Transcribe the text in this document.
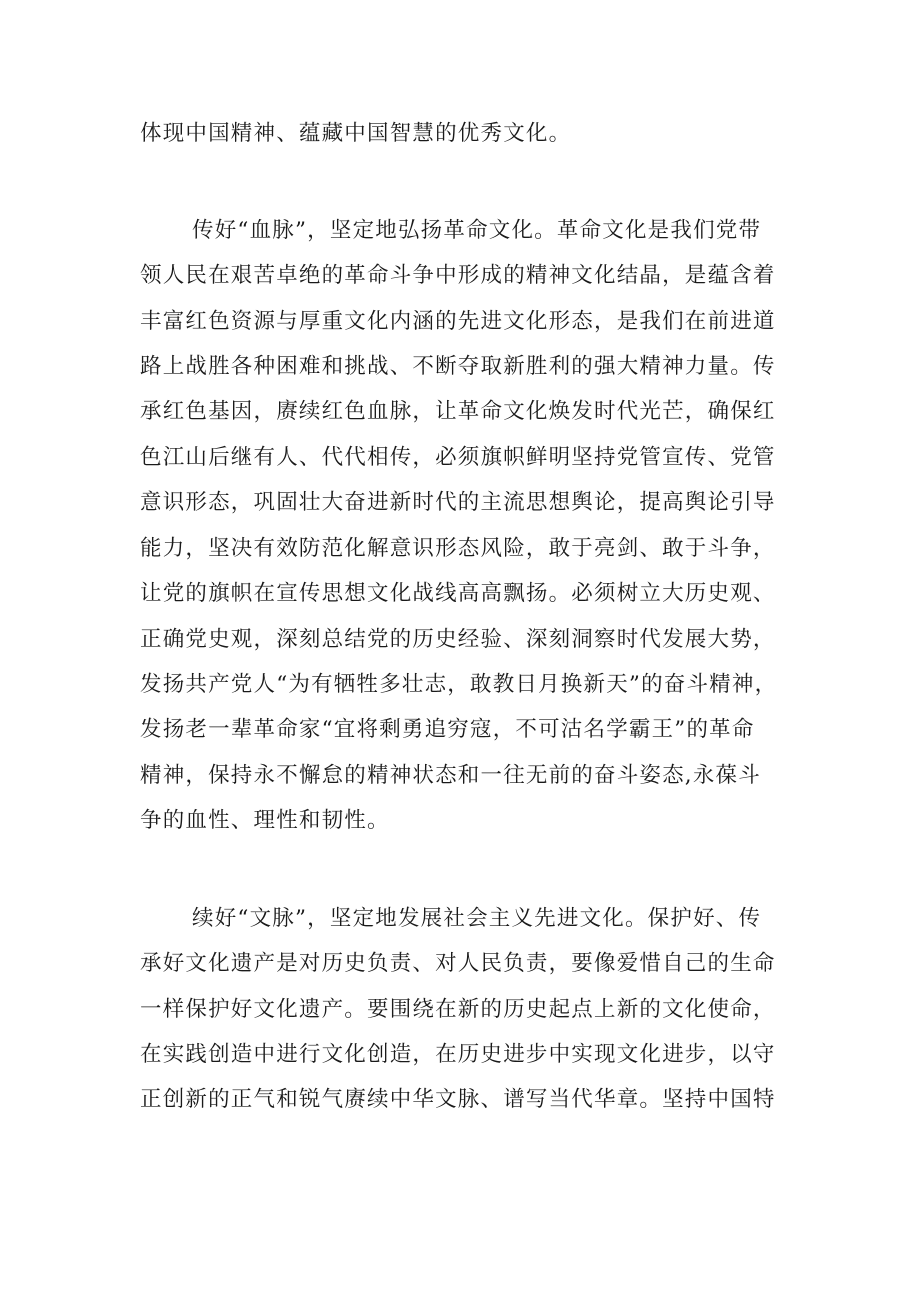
体现中国精神、蕴藏中国智慧的优秀文化。
传好“血脉”，坚定地弘扬革命文化。革命文化是我们党带
领人民在艰苦卓绝的革命斗争中形成的精神文化结晶，是蕴含着
丰富红色资源与厚重文化内涵的先进文化形态，是我们在前进道
路上战胜各种困难和挑战、不断夺取新胜利的强大精神力量。传
承红色基因，赓续红色血脉，让革命文化焕发时代光芒，确保红
色江山后继有人、代代相传，必须旗帜鲜明坚持党管宣传、党管
意识形态，巩固壮大奋进新时代的主流思想舆论，提高舆论引导
能力，坚决有效防范化解意识形态风险，敢于亮剑、敢于斗争，
让党的旗帜在宣传思想文化战线高高飘扬。必须树立大历史观、
正确党史观，深刻总结党的历史经验、深刻洞察时代发展大势，
发扬共产党人“为有牺牲多壮志，敢教日月换新天”的奋斗精神，
发扬老一辈革命家“宜将剩勇追穷寇，不可沽名学霸王”的革命
精神，保持永不懈怠的精神状态和一往无前的奋斗姿态,永葆斗
争的血性、理性和韧性。
续好“文脉”，坚定地发展社会主义先进文化。保护好、传
承好文化遗产是对历史负责、对人民负责，要像爱惜自己的生命
一样保护好文化遗产。要围绕在新的历史起点上新的文化使命，
在实践创造中进行文化创造，在历史进步中实现文化进步，以守
正创新的正气和锐气赓续中华文脉、谱写当代华章。坚持中国特
